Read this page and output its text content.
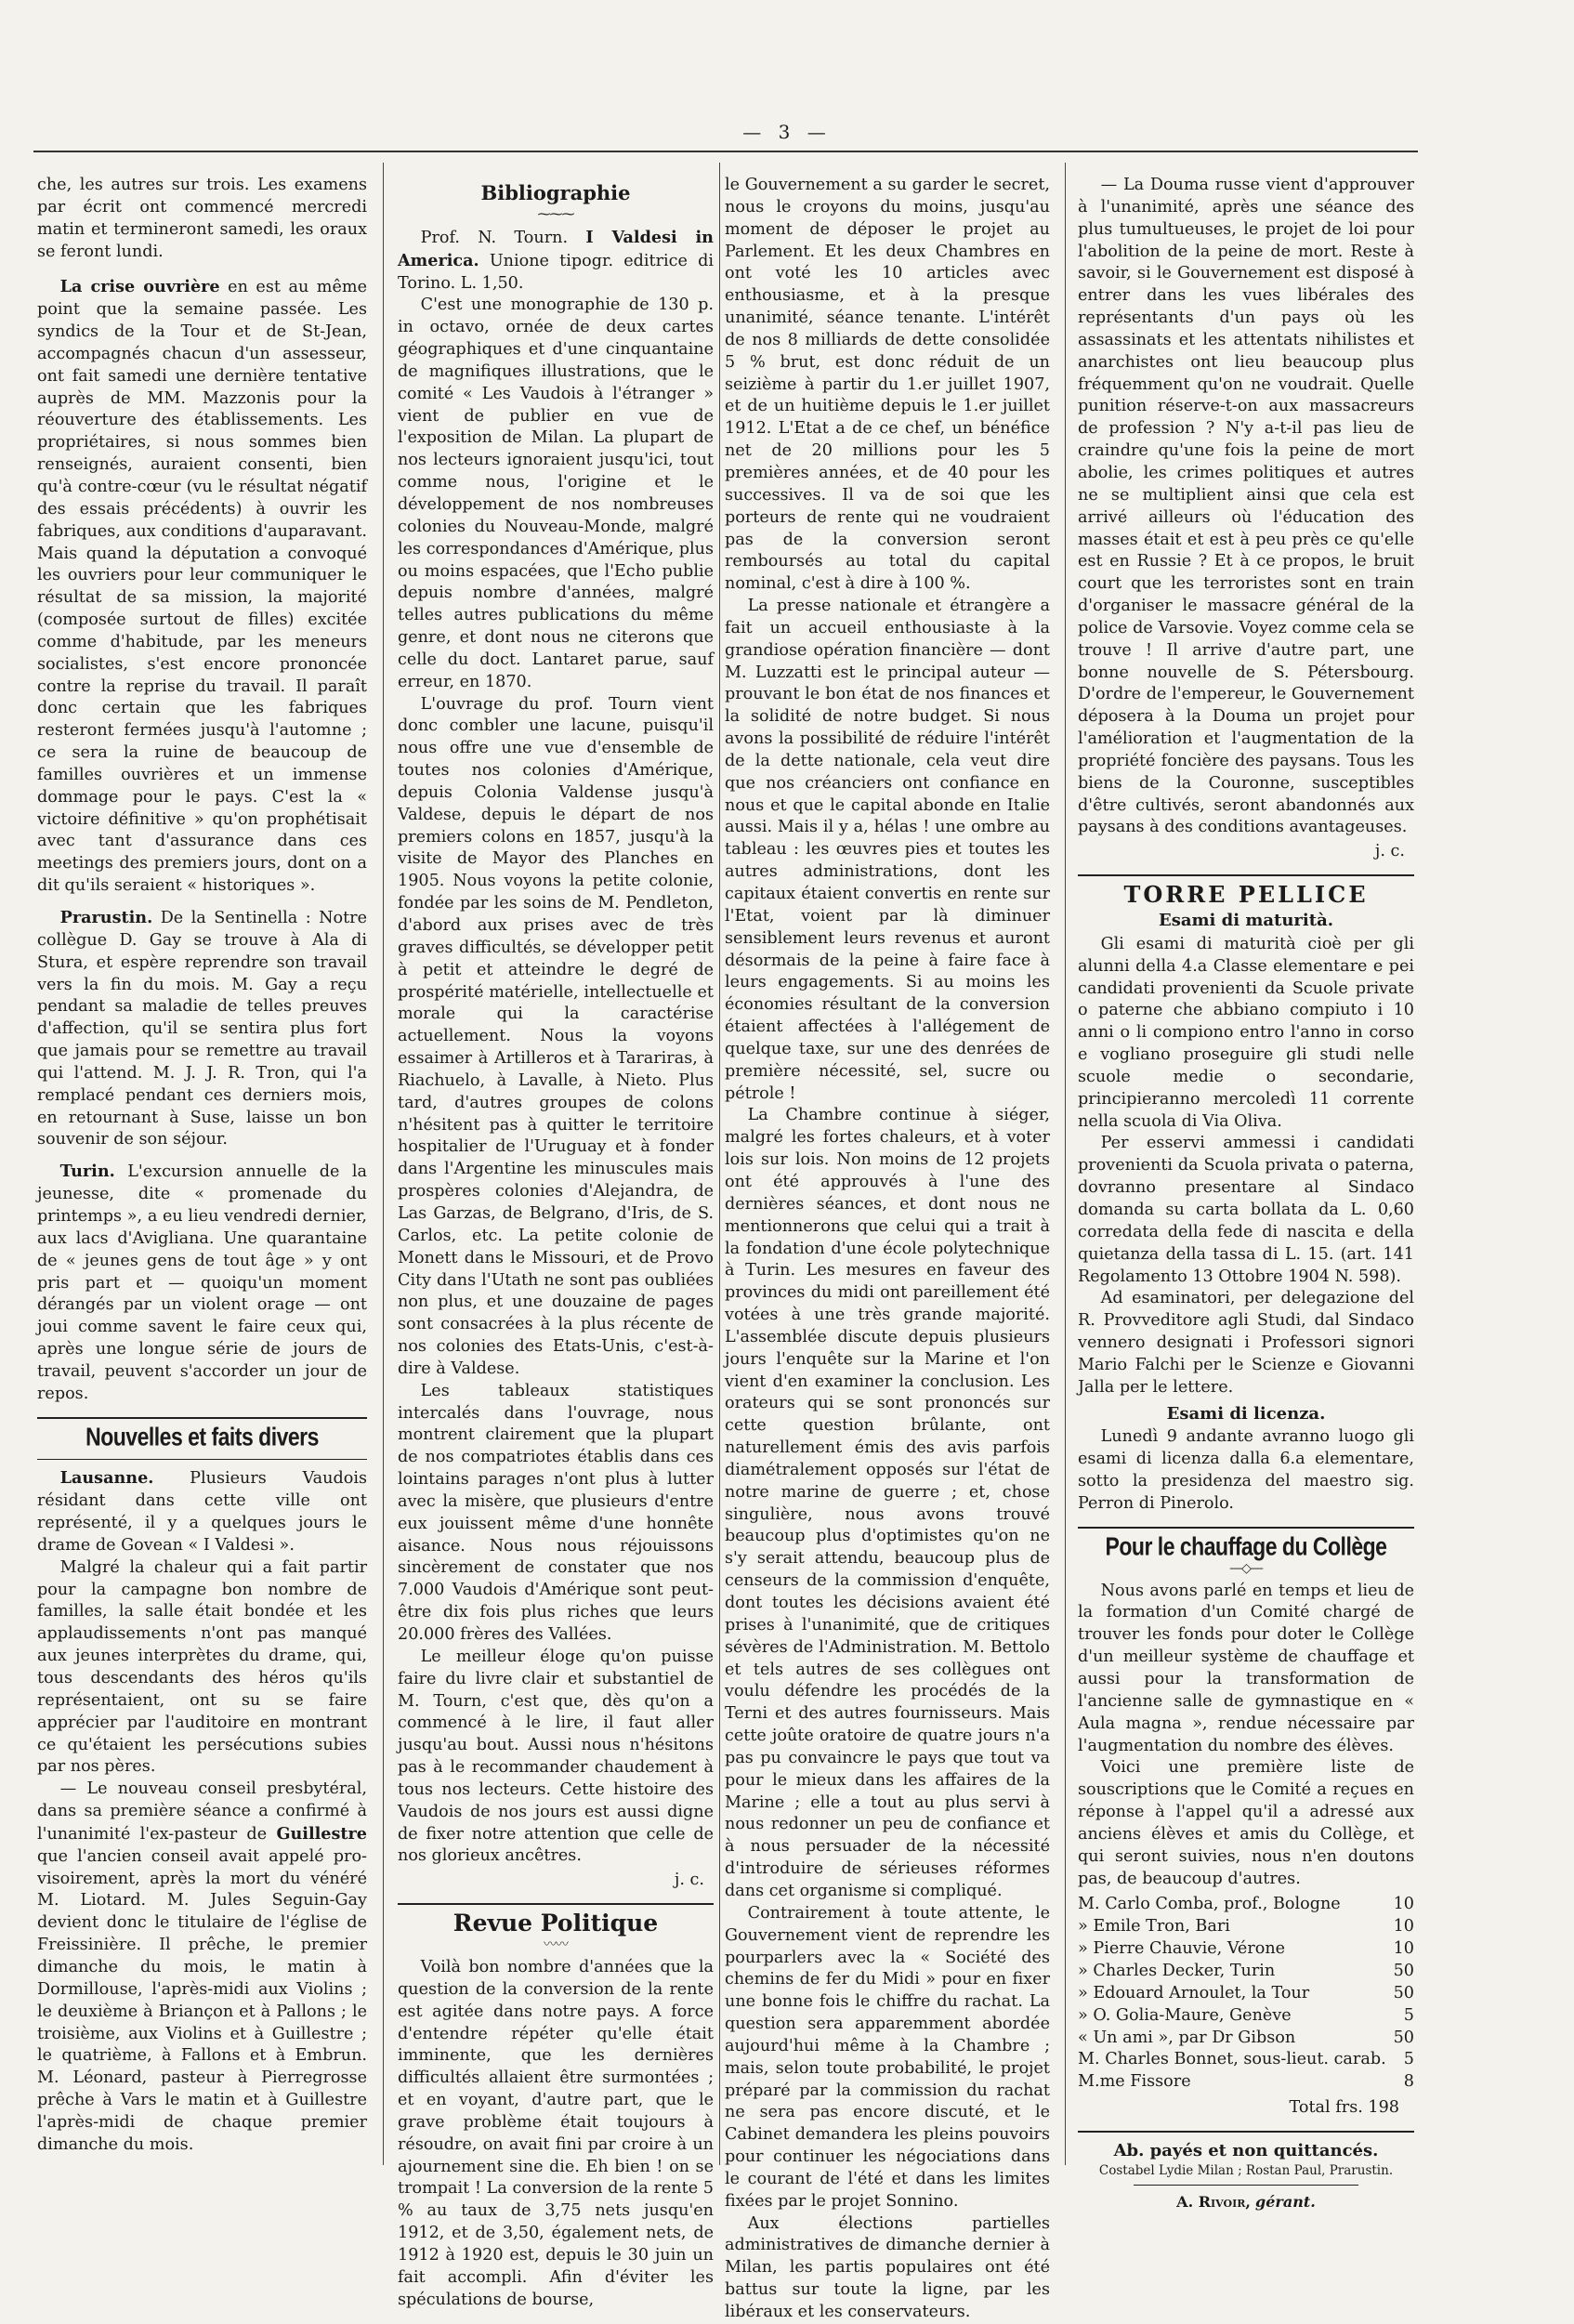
— 3 —

che, les autres sur trois. Les examens par écrit ont commencé mercredi matin et termineront samedi, les oraux se feront lundi.

La crise ouvrière en est au même point que la semaine passée. Les syndics de la Tour et de St-Jean, accompagnés chacun d'un assesseur, ont fait samedi une dernière tentative auprès de MM. Mazzonis pour la réouverture des établissements. Les propriétaires, si nous sommes bien renseignés, auraient consenti, bien qu'à contre-cœur (vu le résultat négatif des essais précédents) à ouvrir les fabriques, aux conditions d'auparavant. Mais quand la députation a convoqué les ouvriers pour leur communiquer le résultat de sa mission, la majorité (composée surtout de filles) excitée comme d'habitude, par les meneurs socialistes, s'est encore prononcée contre la reprise du travail. Il paraît donc certain que les fabriques resteront fermées jusqu'à l'automne ; ce sera la ruine de beaucoup de familles ouvrières et un immense dommage pour le pays. C'est la « victoire définitive » qu'on prophétisait avec tant d'assurance dans ces meetings des premiers jours, dont on a dit qu'ils seraient « historiques ».

Prarustin. De la Sentinella : Notre collègue D. Gay se trouve à Ala di Stura, et espère reprendre son travail vers la fin du mois. M. Gay a reçu pendant sa maladie de telles preuves d'affection, qu'il se sentira plus fort que jamais pour se remettre au travail qui l'attend. M. J. J. R. Tron, qui l'a remplacé pendant ces derniers mois, en retournant à Suse, laisse un bon souvenir de son séjour.

Turin. L'excursion annuelle de la jeunesse, dite « promenade du printemps », a eu lieu vendredi dernier, aux lacs d'Avigliana. Une quarantaine de « jeunes gens de tout âge » y ont pris part et — quoiqu'un moment dérangés par un violent orage — ont joui comme savent le faire ceux qui, après une longue série de jours de travail, peuvent s'accorder un jour de repos.

Nouvelles et faits divers

Lausanne. Plusieurs Vaudois résidant dans cette ville ont représenté, il y a quelques jours le drame de Govean « I Valdesi ».

Malgré la chaleur qui a fait partir pour la campagne bon nombre de familles, la salle était bondée et les applaudissements n'ont pas manqué aux jeunes interprètes du drame, qui, tous descendants des héros qu'ils représentaient, ont su se faire apprécier par l'auditoire en montrant ce qu'étaient les persécutions subies par nos pères.

— Le nouveau conseil presbytéral, dans sa première séance a confirmé à l'unanimité l'ex-pasteur de Guillestre que l'ancien conseil avait appelé pro- visoirement, après la mort du vénéré M. Liotard. M. Jules Seguin-Gay devient donc le titulaire de l'église de Freissinière. Il prêche, le premier dimanche du mois, le matin à Dormillouse, l'après-midi aux Violins ; le deuxième à Briançon et à Pallons ; le troisième, aux Violins et à Guillestre ; le quatrième, à Fallons et à Embrun. M. Léonard, pasteur à Pierregrosse prêche à Vars le matin et à Guillestre l'après-midi de chaque premier dimanche du mois.

Bibliographie
⁓⁓⁓

Prof. N. Tourn. I Valdesi in America. Unione tipogr. editrice di Torino. L. 1,50.

C'est une monographie de 130 p. in octavo, ornée de deux cartes géographiques et d'une cinquantaine de magnifiques illustrations, que le comité « Les Vaudois à l'étranger » vient de publier en vue de l'exposition de Milan. La plupart de nos lecteurs ignoraient jusqu'ici, tout comme nous, l'origine et le développement de nos nombreuses colonies du Nouveau-Monde, malgré les correspondances d'Amérique, plus ou moins espacées, que l'Echo publie depuis nombre d'années, malgré telles autres publications du même genre, et dont nous ne citerons que celle du doct. Lantaret parue, sauf erreur, en 1870.

L'ouvrage du prof. Tourn vient donc combler une lacune, puisqu'il nous offre une vue d'ensemble de toutes nos colonies d'Amérique, depuis Colonia Valdense jusqu'à Valdese, depuis le départ de nos premiers colons en 1857, jusqu'à la visite de Mayor des Planches en 1905. Nous voyons la petite colonie, fondée par les soins de M. Pendleton, d'abord aux prises avec de très graves difficultés, se développer petit à petit et atteindre le degré de prospérité matérielle, intellectuelle et morale qui la caractérise actuellement. Nous la voyons essaimer à Artilleros et à Tarariras, à Riachuelo, à Lavalle, à Nieto. Plus tard, d'autres groupes de colons n'hésitent pas à quitter le territoire hospitalier de l'Uruguay et à fonder dans l'Argentine les minuscules mais prospères colonies d'Alejandra, de Las Garzas, de Belgrano, d'Iris, de S. Carlos, etc. La petite colonie de Monett dans le Missouri, et de Provo City dans l'Utath ne sont pas oubliées non plus, et une douzaine de pages sont consacrées à la plus récente de nos colonies des Etats-Unis, c'est-à-dire à Valdese.

Les tableaux statistiques intercalés dans l'ouvrage, nous montrent clairement que la plupart de nos compatriotes établis dans ces lointains parages n'ont plus à lutter avec la misère, que plusieurs d'entre eux jouissent même d'une honnête aisance. Nous nous réjouissons sincèrement de constater que nos 7.000 Vaudois d'Amérique sont peut-être dix fois plus riches que leurs 20.000 frères des Vallées.

Le meilleur éloge qu'on puisse faire du livre clair et substantiel de M. Tourn, c'est que, dès qu'on a commencé à le lire, il faut aller jusqu'au bout. Aussi nous n'hésitons pas à le recommander chaudement à tous nos lecteurs. Cette histoire des Vaudois de nos jours est aussi digne de fixer notre attention que celle de nos glorieux ancêtres.

j. c.
Revue Politique
〰〰

Voilà bon nombre d'années que la question de la conversion de la rente est agitée dans notre pays. A force d'entendre répéter qu'elle était imminente, que les dernières difficultés allaient être surmontées ; et en voyant, d'autre part, que le grave problème était toujours à résoudre, on avait fini par croire à un ajournement sine die. Eh bien ! on se trompait ! La conversion de la rente 5 % au taux de 3,75 nets jusqu'en 1912, et de 3,50, également nets, de 1912 à 1920 est, depuis le 30 juin un fait accompli. Afin d'éviter les spéculations de bourse,

le Gouvernement a su garder le secret, nous le croyons du moins, jusqu'au moment de déposer le projet au Parlement. Et les deux Chambres en ont voté les 10 articles avec enthousiasme, et à la presque unanimité, séance tenante. L'intérêt de nos 8 milliards de dette consolidée 5 % brut, est donc réduit de un seizième à partir du 1.er juillet 1907, et de un huitième depuis le 1.er juillet 1912. L'Etat a de ce chef, un bénéfice net de 20 millions pour les 5 premières années, et de 40 pour les successives. Il va de soi que les porteurs de rente qui ne voudraient pas de la conversion seront remboursés au total du capital nominal, c'est à dire à 100 %.

La presse nationale et étrangère a fait un accueil enthousiaste à la grandiose opération financière — dont M. Luzzatti est le principal auteur — prouvant le bon état de nos finances et la solidité de notre budget. Si nous avons la possibilité de réduire l'intérêt de la dette nationale, cela veut dire que nos créanciers ont confiance en nous et que le capital abonde en Italie aussi. Mais il y a, hélas ! une ombre au tableau : les œuvres pies et toutes les autres administrations, dont les capitaux étaient convertis en rente sur l'Etat, voient par là diminuer sensiblement leurs revenus et auront désormais de la peine à faire face à leurs engagements. Si au moins les économies résultant de la conversion étaient affectées à l'allégement de quelque taxe, sur une des denrées de première nécessité, sel, sucre ou pétrole !

La Chambre continue à siéger, malgré les fortes chaleurs, et à voter lois sur lois. Non moins de 12 projets ont été approuvés à l'une des dernières séances, et dont nous ne mentionnerons que celui qui a trait à la fondation d'une école polytechnique à Turin. Les mesures en faveur des provinces du midi ont pareillement été votées à une très grande majorité. L'assemblée discute depuis plusieurs jours l'enquête sur la Marine et l'on vient d'en examiner la conclusion. Les orateurs qui se sont prononcés sur cette question brûlante, ont naturellement émis des avis parfois diamétralement opposés sur l'état de notre marine de guerre ; et, chose singulière, nous avons trouvé beaucoup plus d'optimistes qu'on ne s'y serait attendu, beaucoup plus de censeurs de la commission d'enquête, dont toutes les décisions avaient été prises à l'unanimité, que de critiques sévères de l'Administration. M. Bettolo et tels autres de ses collègues ont voulu défendre les procédés de la Terni et des autres fournisseurs. Mais cette joûte oratoire de quatre jours n'a pas pu convaincre le pays que tout va pour le mieux dans les affaires de la Marine ; elle a tout au plus servi à nous redonner un peu de confiance et à nous persuader de la nécessité d'introduire de sérieuses réformes dans cet organisme si compliqué.

Contrairement à toute attente, le Gouvernement vient de reprendre les pourparlers avec la « Société des chemins de fer du Midi » pour en fixer une bonne fois le chiffre du rachat. La question sera apparemment abordée aujourd'hui même à la Chambre ; mais, selon toute probabilité, le projet préparé par la commission du rachat ne sera pas encore discuté, et le Cabinet demandera les pleins pouvoirs pour continuer les négociations dans le courant de l'été et dans les limites fixées par le projet Sonnino.

Aux élections partielles administratives de dimanche dernier à Milan, les partis populaires ont été battus sur toute la ligne, par les libéraux et les conservateurs.

— La Douma russe vient d'approuver à l'unanimité, après une séance des plus tumultueuses, le projet de loi pour l'abolition de la peine de mort. Reste à savoir, si le Gouvernement est disposé à entrer dans les vues libérales des représentants d'un pays où les assassinats et les attentats nihilistes et anarchistes ont lieu beaucoup plus fréquemment qu'on ne voudrait. Quelle punition réserve-t-on aux massacreurs de profession ? N'y a-t-il pas lieu de craindre qu'une fois la peine de mort abolie, les crimes politiques et autres ne se multiplient ainsi que cela est arrivé ailleurs où l'éducation des masses était et est à peu près ce qu'elle est en Russie ? Et à ce propos, le bruit court que les terroristes sont en train d'organiser le massacre général de la police de Varsovie. Voyez comme cela se trouve ! Il arrive d'autre part, une bonne nouvelle de S. Pétersbourg. D'ordre de l'empereur, le Gouvernement déposera à la Douma un projet pour l'amélioration et l'augmentation de la propriété foncière des paysans. Tous les biens de la Couronne, susceptibles d'être cultivés, seront abandonnés aux paysans à des conditions avantageuses.

j. c.
TORRE PELLICE
Esami di maturità.

Gli esami di maturità cioè per gli alunni della 4.a Classe elementare e pei candidati provenienti da Scuole private o paterne che abbiano compiuto i 10 anni o li compiono entro l'anno in corso e vogliano proseguire gli studi nelle scuole medie o secondarie, principieranno mercoledì 11 corrente nella scuola di Via Oliva.

Per esservi ammessi i candidati provenienti da Scuola privata o paterna, dovranno presentare al Sindaco domanda su carta bollata da L. 0,60 corredata della fede di nascita e della quietanza della tassa di L. 15. (art. 141 Regolamento 13 Ottobre 1904 N. 598).

Ad esaminatori, per delegazione del R. Provveditore agli Studi, dal Sindaco vennero designati i Professori signori Mario Falchi per le Scienze e Giovanni Jalla per le lettere.

Esami di licenza.

Lunedì 9 andante avranno luogo gli esami di licenza dalla 6.a elementare, sotto la presidenza del maestro sig. Perron di Pinerolo.

Pour le chauffage du Collège
—◇—

Nous avons parlé en temps et lieu de la formation d'un Comité chargé de trouver les fonds pour doter le Collège d'un meilleur système de chauffage et aussi pour la transformation de l'ancienne salle de gymnastique en « Aula magna », rendue nécessaire par l'augmentation du nombre des élèves.

Voici une première liste de souscriptions que le Comité a reçues en réponse à l'appel qu'il a adressé aux anciens élèves et amis du Collège, et qui seront suivies, nous n'en doutons pas, de beaucoup d'autres.

M. Carlo Comba, prof., Bologne	10
» Emile Tron, Bari	10
» Pierre Chauvie, Vérone	10
» Charles Decker, Turin	50
» Edouard Arnoulet, la Tour	50
» O. Golia-Maure, Genève	5
« Un ami », par Dr Gibson	50
M. Charles Bonnet, sous-lieut. carab. 5
M.me Fissore	8
Total frs. 198
Ab. payés et non quittancés.
Costabel Lydie Milan ; Rostan Paul, Prarustin.
A. Rivoir, gérant.
